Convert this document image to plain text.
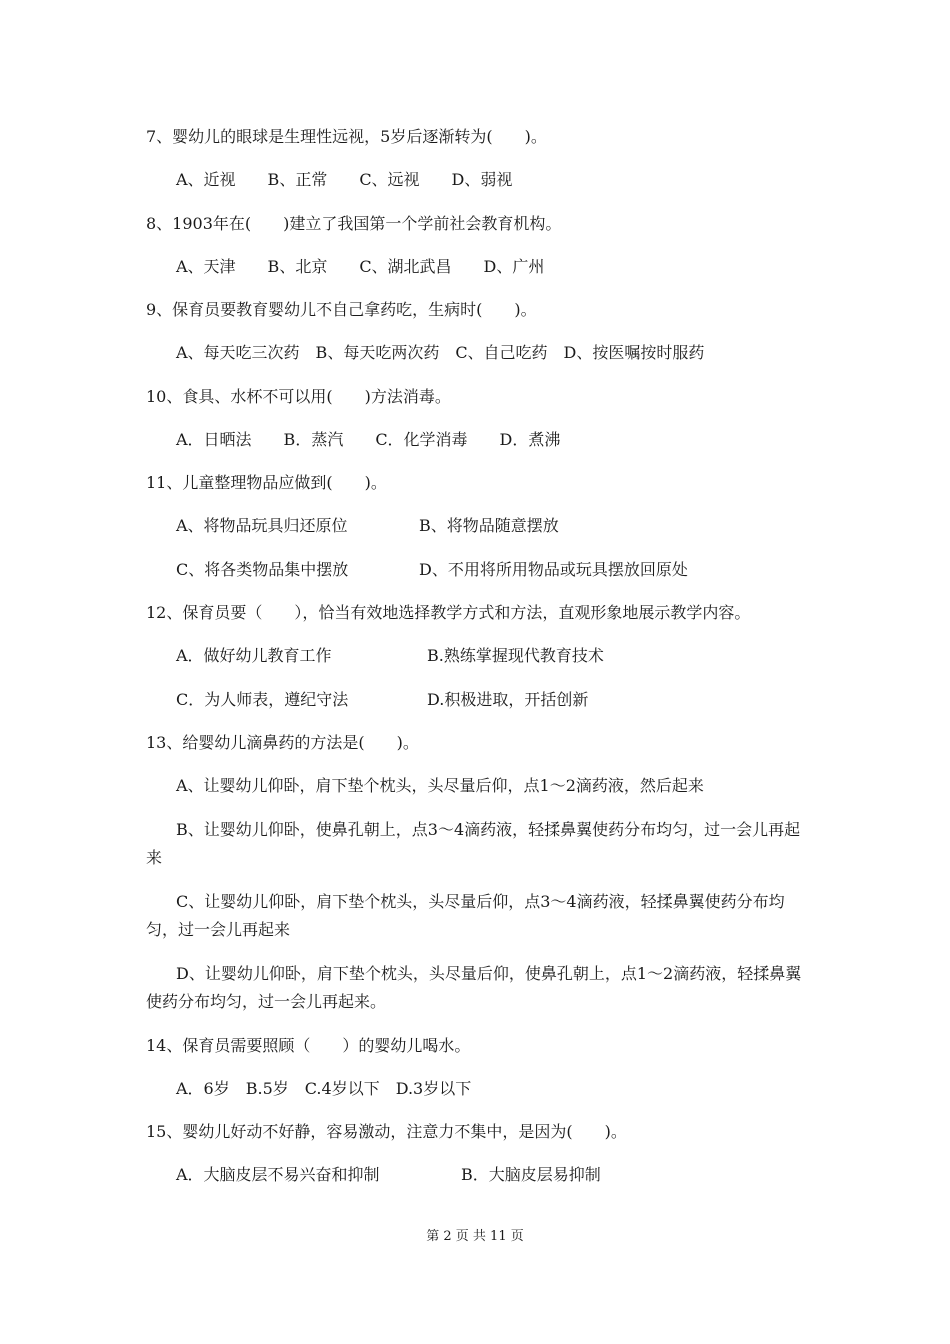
7、婴幼儿的眼球是生理性远视，5岁后逐渐转为(　　)。
A、近视　　B、正常　　C、远视　　D、弱视
8、1903年在(　　)建立了我国第一个学前社会教育机构。
A、天津　　B、北京　　C、湖北武昌　　D、广州
9、保育员要教育婴幼儿不自己拿药吃，生病时(　　)。
A、每天吃三次药　B、每天吃两次药　C、自己吃药　D、按医嘱按时服药
10、食具、水杯不可以用(　　)方法消毒。
A．日晒法　　B．蒸汽　　C．化学消毒　　D．煮沸
11、儿童整理物品应做到(　　)。
A、将物品玩具归还原位	B、将物品随意摆放
C、将各类物品集中摆放	D、不用将所用物品或玩具摆放回原处
12、保育员要（　　），恰当有效地选择教学方式和方法，直观形象地展示教学内容。
A．做好幼儿教育工作	B.熟练掌握现代教育技术
C．为人师表，遵纪守法	D.积极进取，开括创新
13、给婴幼儿滴鼻药的方法是(　　)。
A、让婴幼儿仰卧，肩下垫个枕头，头尽量后仰，点1～2滴药液，然后起来
B、让婴幼儿仰卧，使鼻孔朝上，点3～4滴药液，轻揉鼻翼使药分布均匀，过一会儿再起来
C、让婴幼儿仰卧，肩下垫个枕头，头尽量后仰，点3～4滴药液，轻揉鼻翼使药分布均匀，过一会儿再起来
D、让婴幼儿仰卧，肩下垫个枕头，头尽量后仰，使鼻孔朝上，点1～2滴药液，轻揉鼻翼使药分布均匀，过一会儿再起来。
14、保育员需要照顾（　　）的婴幼儿喝水。
A．6岁　B.5岁　C.4岁以下　D.3岁以下
15、婴幼儿好动不好静，容易激动，注意力不集中，是因为(　　)。
A．大脑皮层不易兴奋和抑制	B．大脑皮层易抑制
第 2 页 共 11 页
